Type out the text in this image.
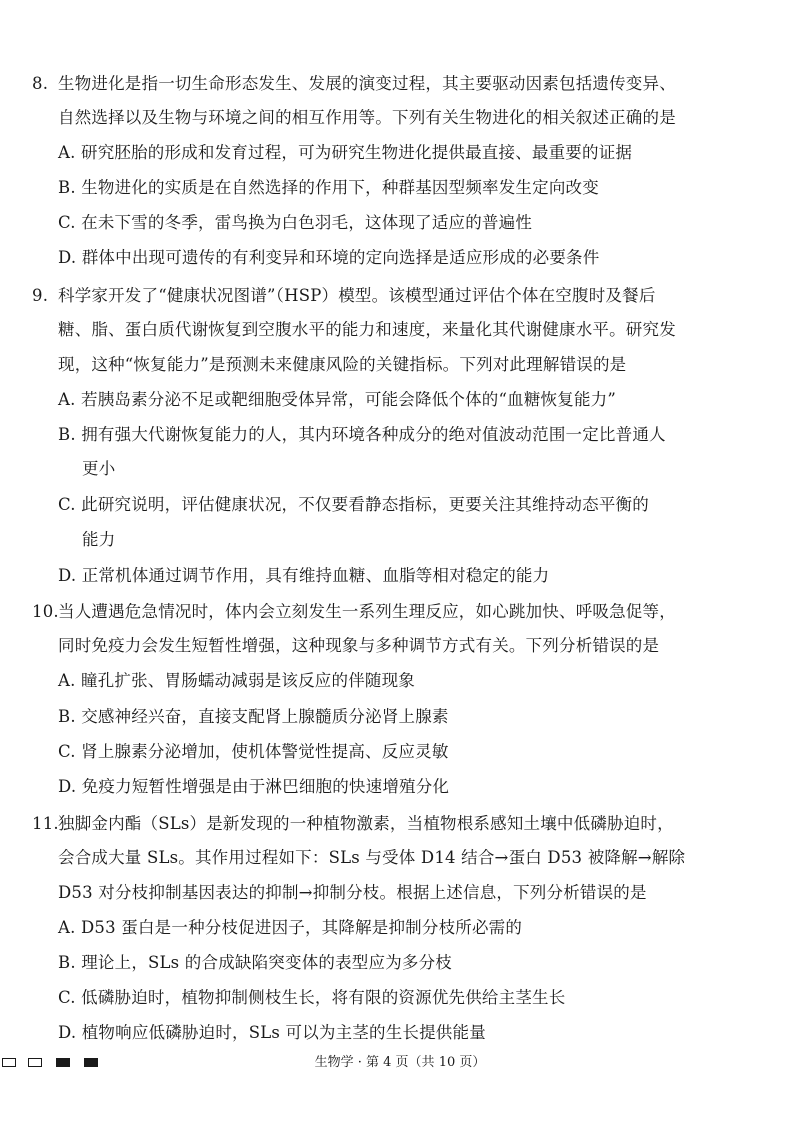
8. 生物进化是指一切生命形态发生、发展的演变过程，其主要驱动因素包括遗传变异、
自然选择以及生物与环境之间的相互作用等。下列有关生物进化的相关叙述正确的是
A. 研究胚胎的形成和发育过程，可为研究生物进化提供最直接、最重要的证据
B. 生物进化的实质是在自然选择的作用下，种群基因型频率发生定向改变
C. 在未下雪的冬季，雷鸟换为白色羽毛，这体现了适应的普遍性
D. 群体中出现可遗传的有利变异和环境的定向选择是适应形成的必要条件
9. 科学家开发了“健康状况图谱”（HSP）模型。该模型通过评估个体在空腹时及餐后
糖、脂、蛋白质代谢恢复到空腹水平的能力和速度，来量化其代谢健康水平。研究发
现，这种“恢复能力”是预测未来健康风险的关键指标。下列对此理解错误的是
A. 若胰岛素分泌不足或靶细胞受体异常，可能会降低个体的“血糖恢复能力”
B. 拥有强大代谢恢复能力的人，其内环境各种成分的绝对值波动范围一定比普通人
更小
C. 此研究说明，评估健康状况，不仅要看静态指标，更要关注其维持动态平衡的
能力
D. 正常机体通过调节作用，具有维持血糖、血脂等相对稳定的能力
10.当人遭遇危急情况时，体内会立刻发生一系列生理反应，如心跳加快、呼吸急促等，
同时免疫力会发生短暂性增强，这种现象与多种调节方式有关。下列分析错误的是
A. 瞳孔扩张、胃肠蠕动减弱是该反应的伴随现象
B. 交感神经兴奋，直接支配肾上腺髓质分泌肾上腺素
C. 肾上腺素分泌增加，使机体警觉性提高、反应灵敏
D. 免疫力短暂性增强是由于淋巴细胞的快速增殖分化
11.独脚金内酯（SLs）是新发现的一种植物激素，当植物根系感知土壤中低磷胁迫时，
会合成大量 SLs。其作用过程如下：SLs 与受体 D14 结合→蛋白 D53 被降解→解除
D53 对分枝抑制基因表达的抑制→抑制分枝。根据上述信息，下列分析错误的是
A. D53 蛋白是一种分枝促进因子，其降解是抑制分枝所必需的
B. 理论上，SLs 的合成缺陷突变体的表型应为多分枝
C. 低磷胁迫时，植物抑制侧枝生长，将有限的资源优先供给主茎生长
D. 植物响应低磷胁迫时，SLs 可以为主茎的生长提供能量
生物学 · 第 4 页（共 10 页）
